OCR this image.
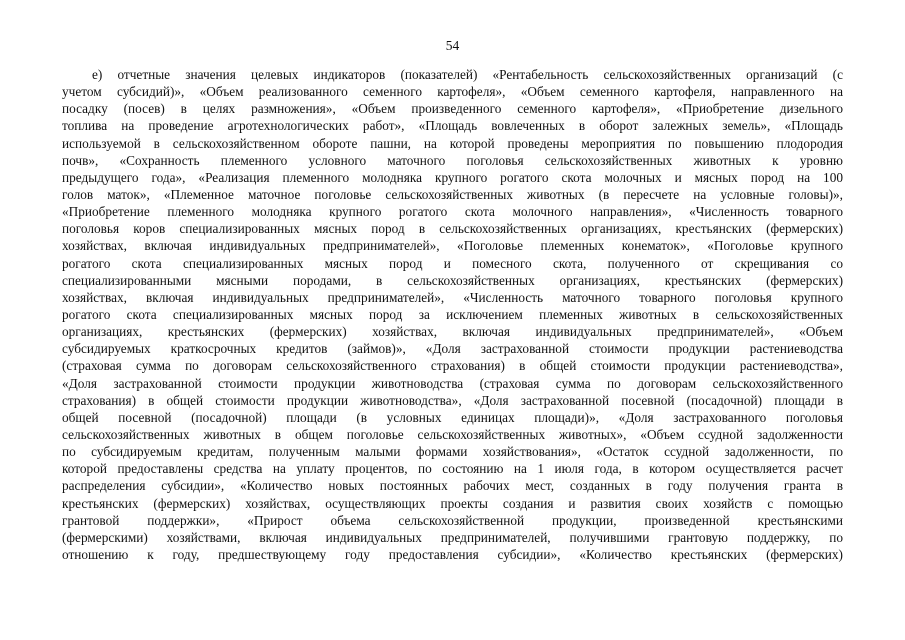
54
е) отчетные значения целевых индикаторов (показателей) «Рентабельность сельскохозяйственных организаций (с
учетом субсидий)», «Объем реализованного семенного картофеля», «Объем семенного картофеля, направленного на
посадку (посев) в целях размножения», «Объем произведенного семенного картофеля», «Приобретение дизельного
топлива на проведение агротехнологических работ», «Площадь вовлеченных в оборот залежных земель», «Площадь
используемой в сельскохозяйственном обороте пашни, на которой проведены мероприятия по повышению плодородия
почв», «Сохранность племенного условного маточного поголовья сельскохозяйственных животных к уровню
предыдущего года», «Реализация племенного молодняка крупного рогатого скота молочных и мясных пород на 100
голов маток», «Племенное маточное поголовье сельскохозяйственных животных (в пересчете на условные головы)»,
«Приобретение племенного молодняка крупного рогатого скота молочного направления», «Численность товарного
поголовья коров специализированных мясных пород в сельскохозяйственных организациях, крестьянских (фермерских)
хозяйствах, включая индивидуальных предпринимателей», «Поголовье племенных конематок», «Поголовье крупного
рогатого скота специализированных мясных пород и помесного скота, полученного от скрещивания со
специализированными мясными породами, в сельскохозяйственных организациях, крестьянских (фермерских)
хозяйствах, включая индивидуальных предпринимателей», «Численность маточного товарного поголовья крупного
рогатого скота специализированных мясных пород за исключением племенных животных в сельскохозяйственных
организациях, крестьянских (фермерских) хозяйствах, включая индивидуальных предпринимателей», «Объем
субсидируемых краткосрочных кредитов (займов)», «Доля застрахованной стоимости продукции растениеводства
(страховая сумма по договорам сельскохозяйственного страхования) в общей стоимости продукции растениеводства»,
«Доля застрахованной стоимости продукции животноводства (страховая сумма по договорам сельскохозяйственного
страхования) в общей стоимости продукции животноводства», «Доля застрахованной посевной (посадочной) площади в
общей посевной (посадочной) площади (в условных единицах площади)», «Доля застрахованного поголовья
сельскохозяйственных животных в общем поголовье сельскохозяйственных животных», «Объем ссудной задолженности
по субсидируемым кредитам, полученным малыми формами хозяйствования», «Остаток ссудной задолженности, по
которой предоставлены средства на уплату процентов, по состоянию на 1 июля года, в котором осуществляется расчет
распределения субсидии», «Количество новых постоянных рабочих мест, созданных в году получения гранта в
крестьянских (фермерских) хозяйствах, осуществляющих проекты создания и развития своих хозяйств с помощью
грантовой поддержки», «Прирост объема сельскохозяйственной продукции, произведенной крестьянскими
(фермерскими) хозяйствами, включая индивидуальных предпринимателей, получившими грантовую поддержку, по
отношению к году, предшествующему году предоставления субсидии», «Количество крестьянских (фермерских)
